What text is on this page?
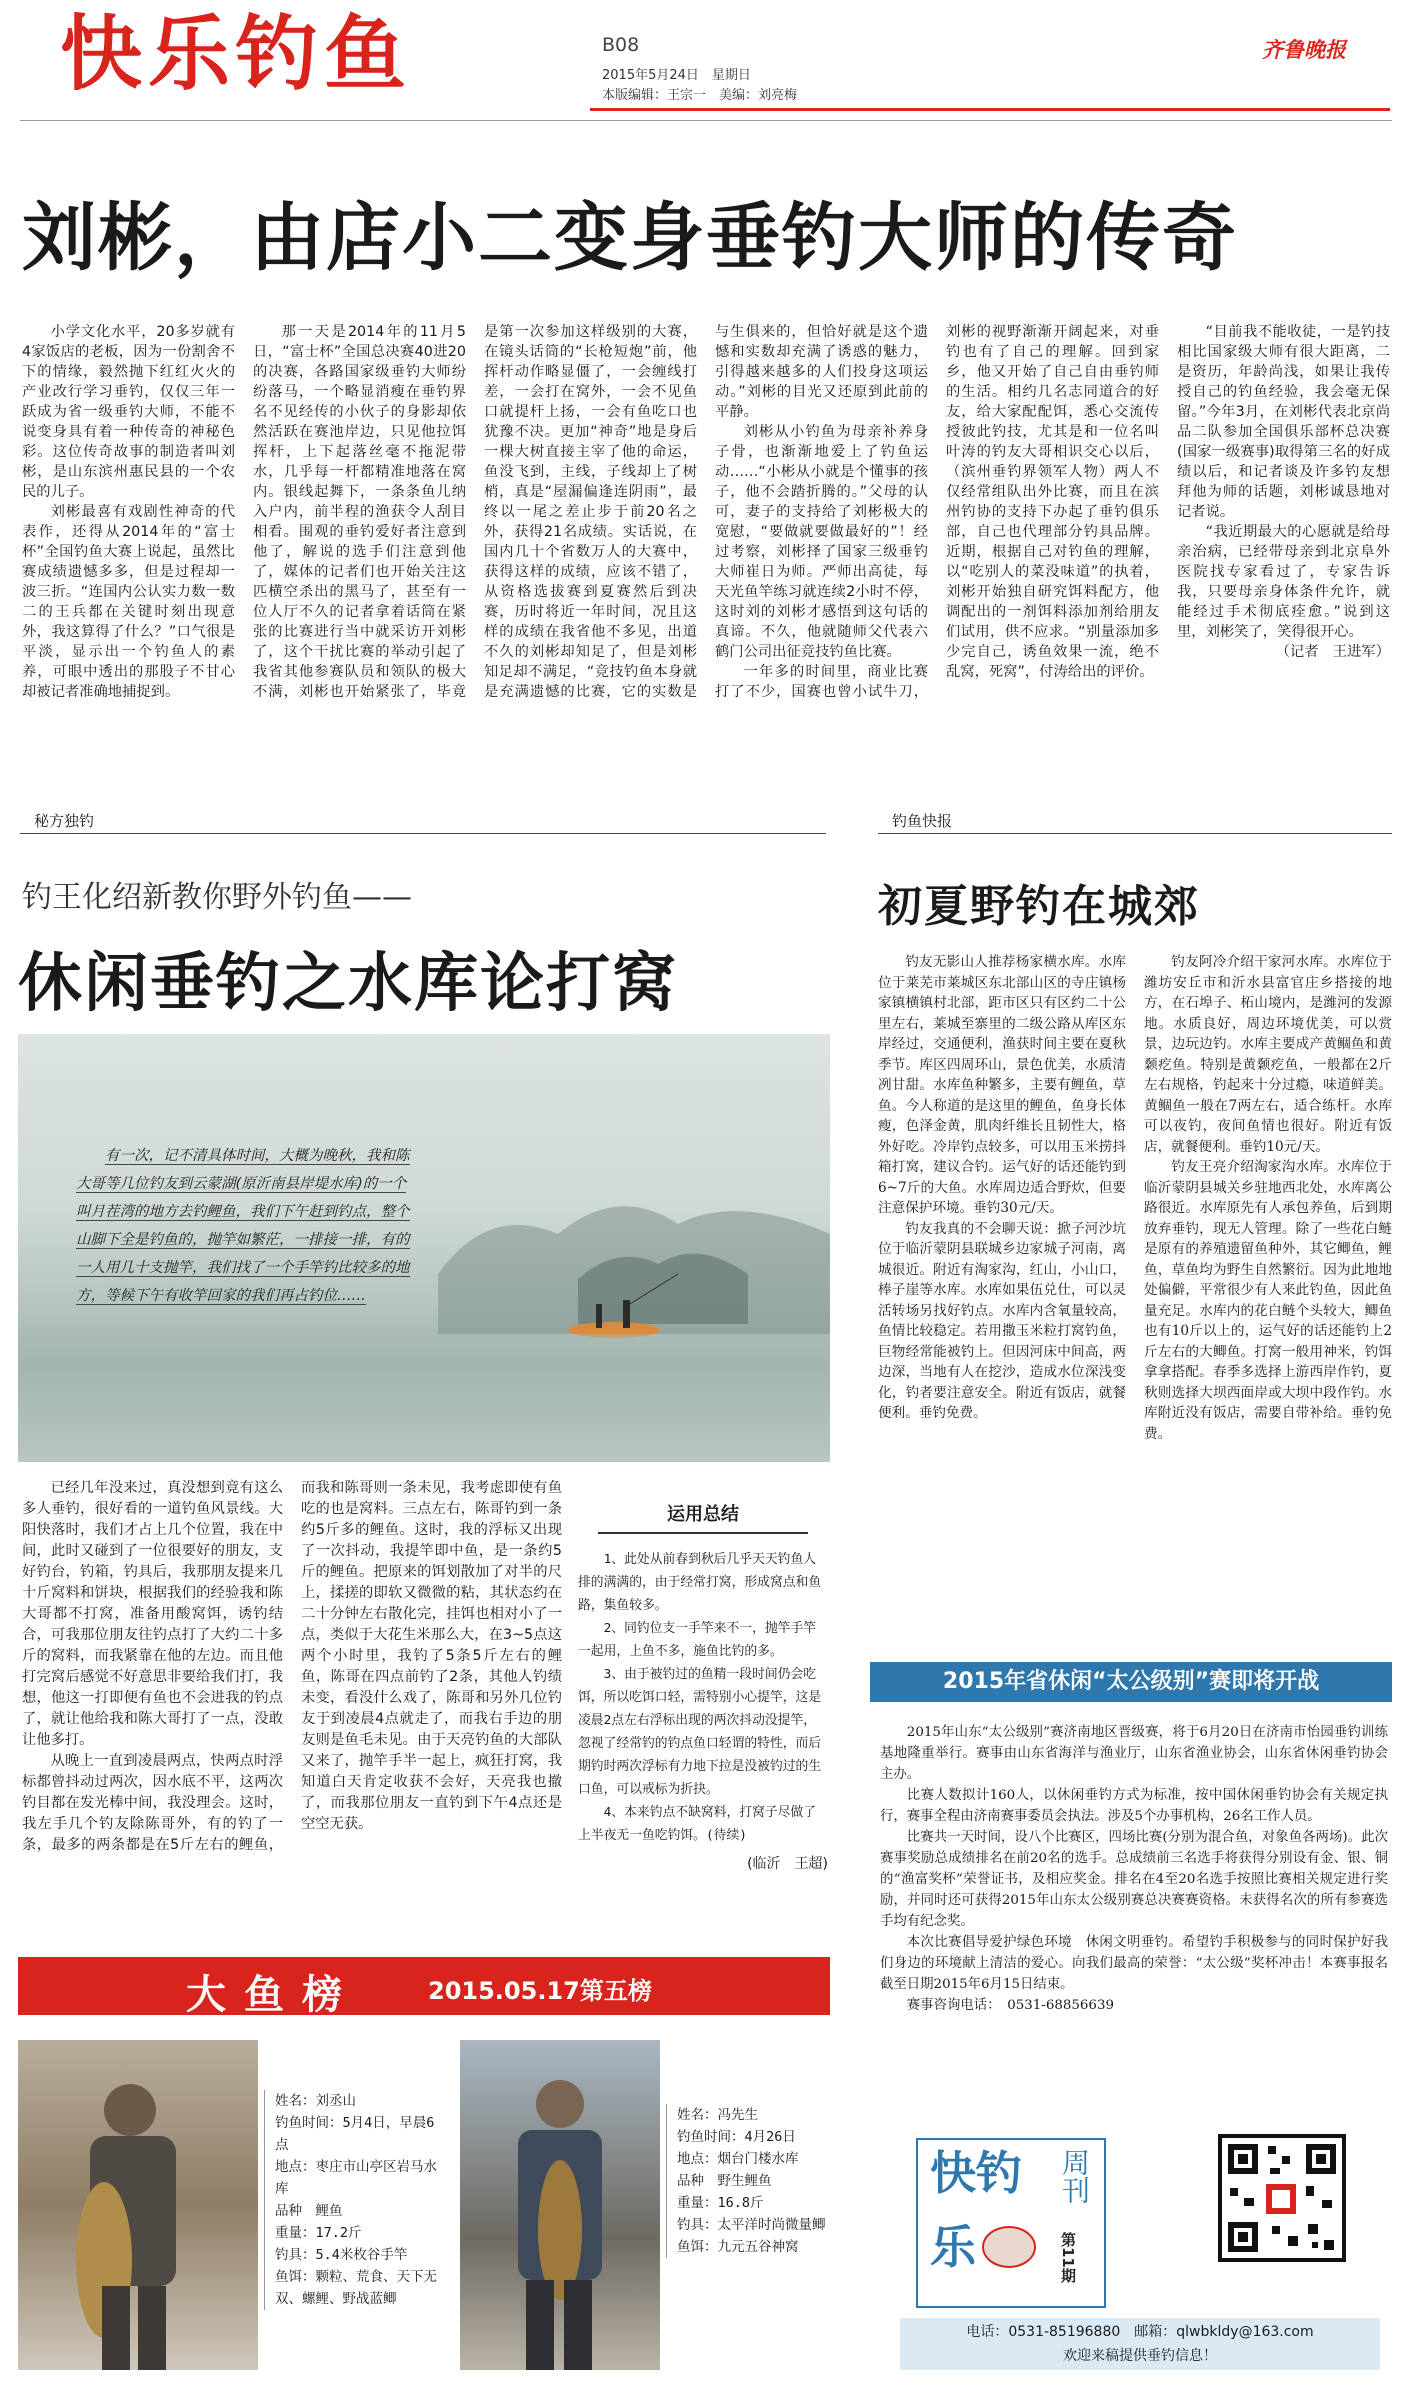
快乐钓鱼	B08
2015年5月24日　星期日
本版编辑：王宗一　美编：刘亮梅
齐鲁晚报
刘彬，由店小二变身垂钓大师的传奇

小学文化水平，20多岁就有4家饭店的老板，因为一份割舍不下的情缘，毅然抛下红红火火的产业改行学习垂钓，仅仅三年一跃成为省一级垂钓大师，不能不说变身具有着一种传奇的神秘色彩。这位传奇故事的制造者叫刘彬，是山东滨州惠民县的一个农民的儿子。

刘彬最喜有戏剧性神奇的代表作，还得从2014年的“富士杯”全国钓鱼大赛上说起，虽然比赛成绩遗憾多多，但是过程却一波三折。“连国内公认实力数一数二的王兵都在关键时刻出现意外，我这算得了什么？”口气很是平淡，显示出一个钓鱼人的素养，可眼中透出的那股子不甘心却被记者准确地捕捉到。

那一天是2014年的11月5日，“富士杯”全国总决赛40进20的决赛，各路国家级垂钓大师纷纷落马，一个略显消瘦在垂钓界名不见经传的小伙子的身影却依然活跃在赛池岸边，只见他拉饵挥杆，上下起落丝毫不拖泥带水，几乎每一杆都精准地落在窝内。银线起舞下，一条条鱼儿纳入户内，前半程的渔获令人刮目相看。围观的垂钓爱好者注意到他了，解说的选手们注意到他了，媒体的记者们也开始关注这匹横空杀出的黑马了，甚至有一位人厅不久的记者拿着话筒在紧张的比赛进行当中就采访开刘彬了，这个干扰比赛的举动引起了我省其他参赛队员和领队的极大不满，刘彬也开始紧张了，毕竟是第一次参加这样级别的大赛，在镜头话筒的“长枪短炮”前，他挥杆动作略显僵了，一会缠线打差，一会打在窝外，一会不见鱼口就提杆上扬，一会有鱼吃口也犹豫不决。更加“神奇”地是身后一棵大树直接主宰了他的命运，鱼没飞到，主线，子线却上了树梢，真是“屋漏偏逢连阴雨”，最终以一尾之差止步于前20名之外，获得21名成绩。实话说，在国内几十个省数万人的大赛中，获得这样的成绩，应该不错了，从资格选拔赛到夏赛然后到决赛，历时将近一年时间，况且这样的成绩在我省他不多见，出道不久的刘彬却知足了，但是刘彬知足却不满足，“竞技钓鱼本身就是充满遗憾的比赛，它的实数是与生俱来的，但恰好就是这个遗憾和实数却充满了诱惑的魅力，引得越来越多的人们投身这项运动。”刘彬的目光又还原到此前的平静。

刘彬从小钓鱼为母亲补养身子骨，也渐渐地爱上了钓鱼运动……“小彬从小就是个懂事的孩子，他不会踏折腾的。”父母的认可，妻子的支持给了刘彬极大的宽慰，“要做就要做最好的”！经过考察，刘彬择了国家三级垂钓大师崔日为师。严师出高徒，每天光鱼竿练习就连续2小时不停，这时刘的刘彬才感悟到这句话的真谛。不久，他就随师父代表六鹤门公司出征竞技钓鱼比赛。

一年多的时间里，商业比赛打了不少，国赛也曾小试牛刀，刘彬的视野渐渐开阔起来，对垂钓也有了自己的理解。回到家乡，他又开始了自己自由垂钓师的生活。相约几名志同道合的好友，给大家配配饵，悉心交流传授彼此钓技，尤其是和一位名叫叶涛的钓友大哥相识交心以后，（滨州垂钓界领军人物）两人不仅经常组队出外比赛，而且在滨州钓协的支持下办起了垂钓俱乐部，自己也代理部分钓具品牌。近期，根据自己对钓鱼的理解，以“吃别人的菜没味道”的执着，刘彬开始独自研究饵料配方，他调配出的一剂饵料添加剂给朋友们试用，供不应求。“别量添加多少完自己，诱鱼效果一流，绝不乱窝，死窝”，付涛给出的评价。

“目前我不能收徒，一是钓技相比国家级大师有很大距离，二是资历，年龄尚浅，如果让我传授自己的钓鱼经验，我会毫无保留。”今年3月，在刘彬代表北京尚品二队参加全国俱乐部杯总决赛(国家一级赛事)取得第三名的好成绩以后，和记者谈及许多钓友想拜他为师的话题，刘彬诚恳地对记者说。

“我近期最大的心愿就是给母亲治病，已经带母亲到北京阜外医院找专家看过了，专家告诉我，只要母亲身体条件允许，就能经过手术彻底痊愈。”说到这里，刘彬笑了，笑得很开心。

（记者　王进军）
秘方独钓
钓王化绍新教你野外钓鱼——
休闲垂钓之水库论打窝
有一次，记不清具体时间，大概为晚秋，我和陈大哥等几位钓友到云蒙湖(原沂南县岸堤水库)的一个叫月茬湾的地方去钓鲤鱼，我们下午赶到钓点，整个山脚下全是钓鱼的，抛竿如繁茫，一排接一排，有的一人用几十支抛竿，我们找了一个手竿钓比较多的地方，等候下午有收竿回家的我们再占钓位……

已经几年没来过，真没想到竟有这么多人垂钓，很好看的一道钓鱼风景线。大阳快落时，我们才占上几个位置，我在中间，此时又碰到了一位很要好的朋友，支好钓台，钓箱，钓具后，我那朋友提来几十斤窝料和饼块，根据我们的经验我和陈大哥都不打窝，准备用酸窝饵，诱钓结合，可我那位朋友往钓点打了大约二十多斤的窝料，而我紧靠在他的左边。而且他打完窝后感觉不好意思非要给我们打，我想，他这一打即便有鱼也不会进我的钓点了，就让他给我和陈大哥打了一点，没敢让他多打。

从晚上一直到凌晨两点，快两点时浮标都曾抖动过两次，因水底不平，这两次钓目都在发光棒中间，我没理会。这时，我左手几个钓友除陈哥外，有的钓了一条，最多的两条都是在5斤左右的鲤鱼，而我和陈哥则一条未见，我考虑即使有鱼吃的也是窝料。三点左右，陈哥钓到一条约5斤多的鲤鱼。这时，我的浮标又出现了一次抖动，我提竿即中鱼，是一条约5斤的鲤鱼。把原来的饵划散加了对半的尺上，揉搓的即软又微微的粘，其状态约在二十分钟左右散化完，挂饵也相对小了一点，类似于大花生米那么大，在3~5点这两个小时里，我钓了5条5斤左右的鲤鱼，陈哥在四点前钓了2条，其他人钓绩未变，看没什么戏了，陈哥和另外几位钓友于到凌晨4点就走了，而我右手边的朋友则是鱼毛未见。由于天亮钓鱼的大部队又来了，抛竿手半一起上，疯狂打窝，我知道白天肯定收获不会好，天亮我也撤了，而我那位朋友一直钓到下午4点还是空空无获。

运用总结
1、此处从前春到秋后几乎天天钓鱼人排的满满的，由于经常打窝，形成窝点和鱼路，集鱼较多。
2、同钓位支一手竿来不一，抛竿手竿一起用，上鱼不多，施鱼比钓的多。
3、由于被钓过的鱼精一段时间仍会吃饵，所以吃饵口轻，需特别小心提竿，这是凌晨2点左右浮标出现的两次抖动没提竿，忽视了经常钓的钓点鱼口轻谓的特性，而后期钓时两次浮标有力地下拉是没被钓过的生口鱼，可以戒标为折抉。
4、本来钓点不缺窝料，打窝子尽做了上半夜无一鱼吃钓饵。(待续)
(临沂　王超)
大鱼榜	2015.05.17第五榜
姓名：刘丞山
钓鱼时间：5月4日，早晨6点
地点：枣庄市山亭区岩马水库
品种　鲤鱼
重量：17.2斤
钓具：5.4米枚谷手竿
鱼饵：颗粒、荒食、天下无双、螺鲤、野战蓝鲫
姓名：冯先生
钓鱼时间：4月26日
地点：烟台门楼水库
品种　野生鲤鱼
重量：16.8斤
钓具：太平洋时尚微量鲫
鱼饵：九元五谷神窝
钓鱼快报
初夏野钓在城郊

钓友无影山人推荐杨家横水库。水库位于莱芜市莱城区东北部山区的寺庄镇杨家镇横镇村北部，距市区只有区约二十公里左右，莱城至寨里的二级公路从库区东岸经过，交通便利，渔获时间主要在夏秋季节。库区四周环山，景色优美，水质清冽甘甜。水库鱼种繁多，主要有鲤鱼，草鱼。今人称道的是这里的鲤鱼，鱼身长体瘦，色泽金黄，肌肉纤维长且韧性大，格外好吃。冷岸钓点较多，可以用玉米捞抖箱打窝，建议合钓。运气好的话还能钓到6~7斤的大鱼。水库周边适合野炊，但要注意保护环境。垂钓30元/天。

钓友我真的不会聊天说：掀子河沙坑位于临沂蒙阴县联城乡边家城子河南，离城很近。附近有淘家沟，红山，小山口，棒子崖等水库。水库如果伍兑仕，可以灵活转场另找好钓点。水库内含氧量较高，鱼情比较稳定。若用撒玉米粒打窝钓鱼，巨物经常能被钓上。但因河床中间高，两边深，当地有人在挖沙，造成水位深浅变化，钓者要注意安全。附近有饭店，就餐便利。垂钓免费。

钓友阿冷介绍干家河水库。水库位于潍坊安丘市和沂水县富官庄乡搭接的地方，在石埠子、柘山境内，是潍河的发源地。水质良好，周边环境优美，可以赏景，边玩边钓。水库主要成产黄鲴鱼和黄颡疙鱼。特别是黄颡疙鱼，一般都在2斤左右规格，钓起来十分过瘾，味道鲜美。黄鲴鱼一般在7两左右，适合练杆。水库可以夜钓，夜间鱼情也很好。附近有饭店，就餐便利。垂钓10元/天。

钓友王亮介绍淘家沟水库。水库位于临沂蒙阴县城关乡驻地西北处，水库离公路很近。水库原先有人承包养鱼，后到期放弃垂钓，现无人管理。除了一些花白鲢是原有的养殖遗留鱼种外，其它鲫鱼，鲤鱼，草鱼均为野生自然繁衍。因为此地地处偏僻，平常很少有人来此钓鱼，因此鱼量充足。水库内的花白鲢个头较大，鲫鱼也有10斤以上的，运气好的话还能钓上2斤左右的大鲫鱼。打窝一般用神米，钓饵拿拿搭配。春季多选择上游西岸作钓，夏秋则选择大坝西面岸或大坝中段作钓。水库附近没有饭店，需要自带补给。垂钓免费。

2015年省休闲“太公级别”赛即将开战

2015年山东“太公级别”赛济南地区晋级赛，将于6月20日在济南市怡园垂钓训练基地隆重举行。赛事由山东省海洋与渔业厅，山东省渔业协会，山东省休闲垂钓协会主办。

比赛人数拟计160人，以休闲垂钓方式为标准，按中国休闲垂钓协会有关规定执行，赛事全程由济南赛事委员会执法。涉及5个办事机构，26名工作人员。

比赛共一天时间，设八个比赛区，四场比赛(分别为混合鱼，对象鱼各两场)。此次赛事奖励总成绩排名在前20名的选手。总成绩前三名选手将获得分别设有金、银、铜的“渔富奖杯”荣誉证书，及相应奖金。排名在4至20名选手按照比赛相关规定进行奖励，并同时还可获得2015年山东太公级别赛总决赛赛资格。未获得名次的所有参赛选手均有纪念奖。

本次比赛倡导爱护绿色环境　休闲文明垂钓。希望钓手积极参与的同时保护好我们身边的环境献上清洁的爱心。向我们最高的荣誉：“太公级”奖杯冲击！本赛事报名截至日期2015年6月15日结束。

赛事咨询电话：　0531-68856639

快钓
乐
周刊
第11期
电话：0531-85196880　邮箱：qlwbkldy@163.com
欢迎来稿提供垂钓信息！
